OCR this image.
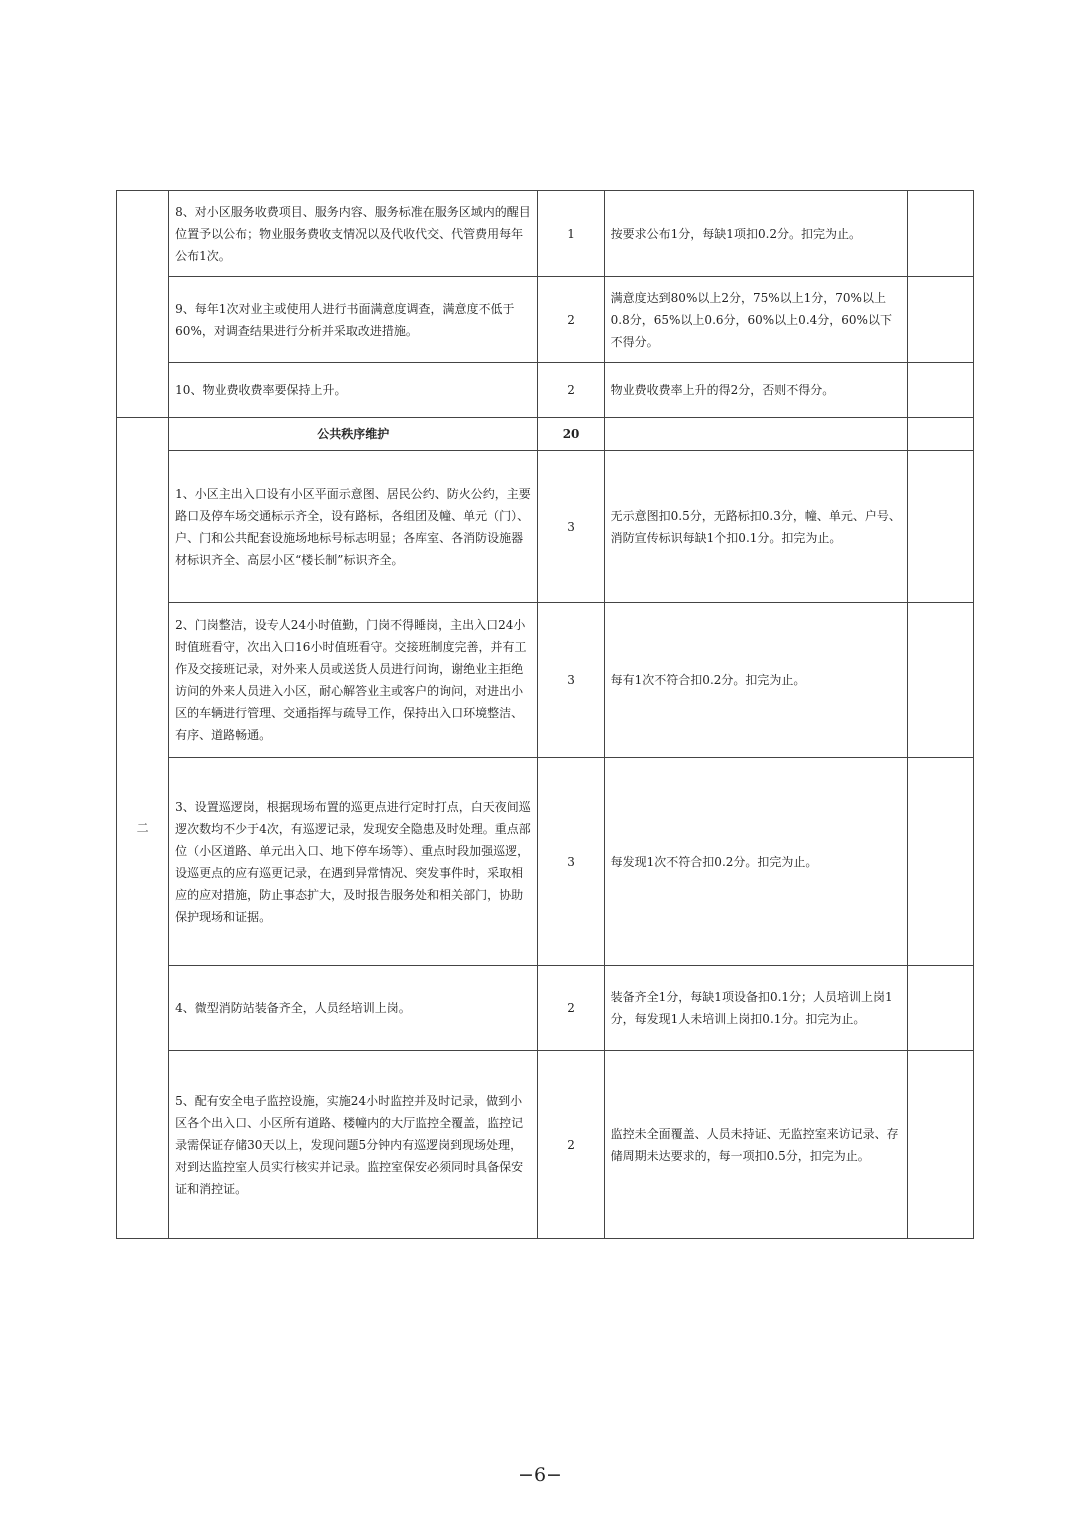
	8、对小区服务收费项目、服务内容、服务标准在服务区域内的醒目位置予以公布；物业服务费收支情况以及代收代交、代管费用每年公布1次。	1	按要求公布1分，每缺1项扣0.2分。扣完为止。	

	9、每年1次对业主或使用人进行书面满意度调查，满意度不低于60%，对调查结果进行分析并采取改进措施。	2	满意度达到80%以上2分，75%以上1分，70%以上0.8分，65%以上0.6分，60%以上0.4分，60%以下不得分。	

	10、物业费收费率要保持上升。	2	物业费收费率上升的得2分，否则不得分。	

二	公共秩序维护	20		

	1、小区主出入口设有小区平面示意图、居民公约、防火公约，主要路口及停车场交通标示齐全，设有路标，各组团及幢、单元（门）、户、门和公共配套设施场地标号标志明显；各库室、各消防设施器材标识齐全、高层小区“楼长制”标识齐全。	3	无示意图扣0.5分，无路标扣0.3分，幢、单元、户号、消防宣传标识每缺1个扣0.1分。扣完为止。	

	2、门岗整洁，设专人24小时值勤，门岗不得睡岗，主出入口24小时值班看守，次出入口16小时值班看守。交接班制度完善，并有工作及交接班记录，对外来人员或送货人员进行问询，谢绝业主拒绝访问的外来人员进入小区，耐心解答业主或客户的询问，对进出小区的车辆进行管理、交通指挥与疏导工作，保持出入口环境整洁、有序、道路畅通。	3	每有1次不符合扣0.2分。扣完为止。	

	3、设置巡逻岗，根据现场布置的巡更点进行定时打点，白天夜间巡逻次数均不少于4次，有巡逻记录，发现安全隐患及时处理。重点部位（小区道路、单元出入口、地下停车场等）、重点时段加强巡逻，设巡更点的应有巡更记录，在遇到异常情况、突发事件时，采取相应的应对措施，防止事态扩大，及时报告服务处和相关部门，协助保护现场和证据。	3	每发现1次不符合扣0.2分。扣完为止。	

	4、微型消防站装备齐全，人员经培训上岗。	2	装备齐全1分，每缺1项设备扣0.1分；人员培训上岗1分，每发现1人未培训上岗扣0.1分。扣完为止。	

	5、配有安全电子监控设施，实施24小时监控并及时记录，做到小区各个出入口、小区所有道路、楼幢内的大厅监控全覆盖，监控记录需保证存储30天以上，发现问题5分钟内有巡逻岗到现场处理，对到达监控室人员实行核实并记录。监控室保安必须同时具备保安证和消控证。	2	监控未全面覆盖、人员未持证、无监控室来访记录、存储周期未达要求的，每一项扣0.5分，扣完为止。	

−6−
